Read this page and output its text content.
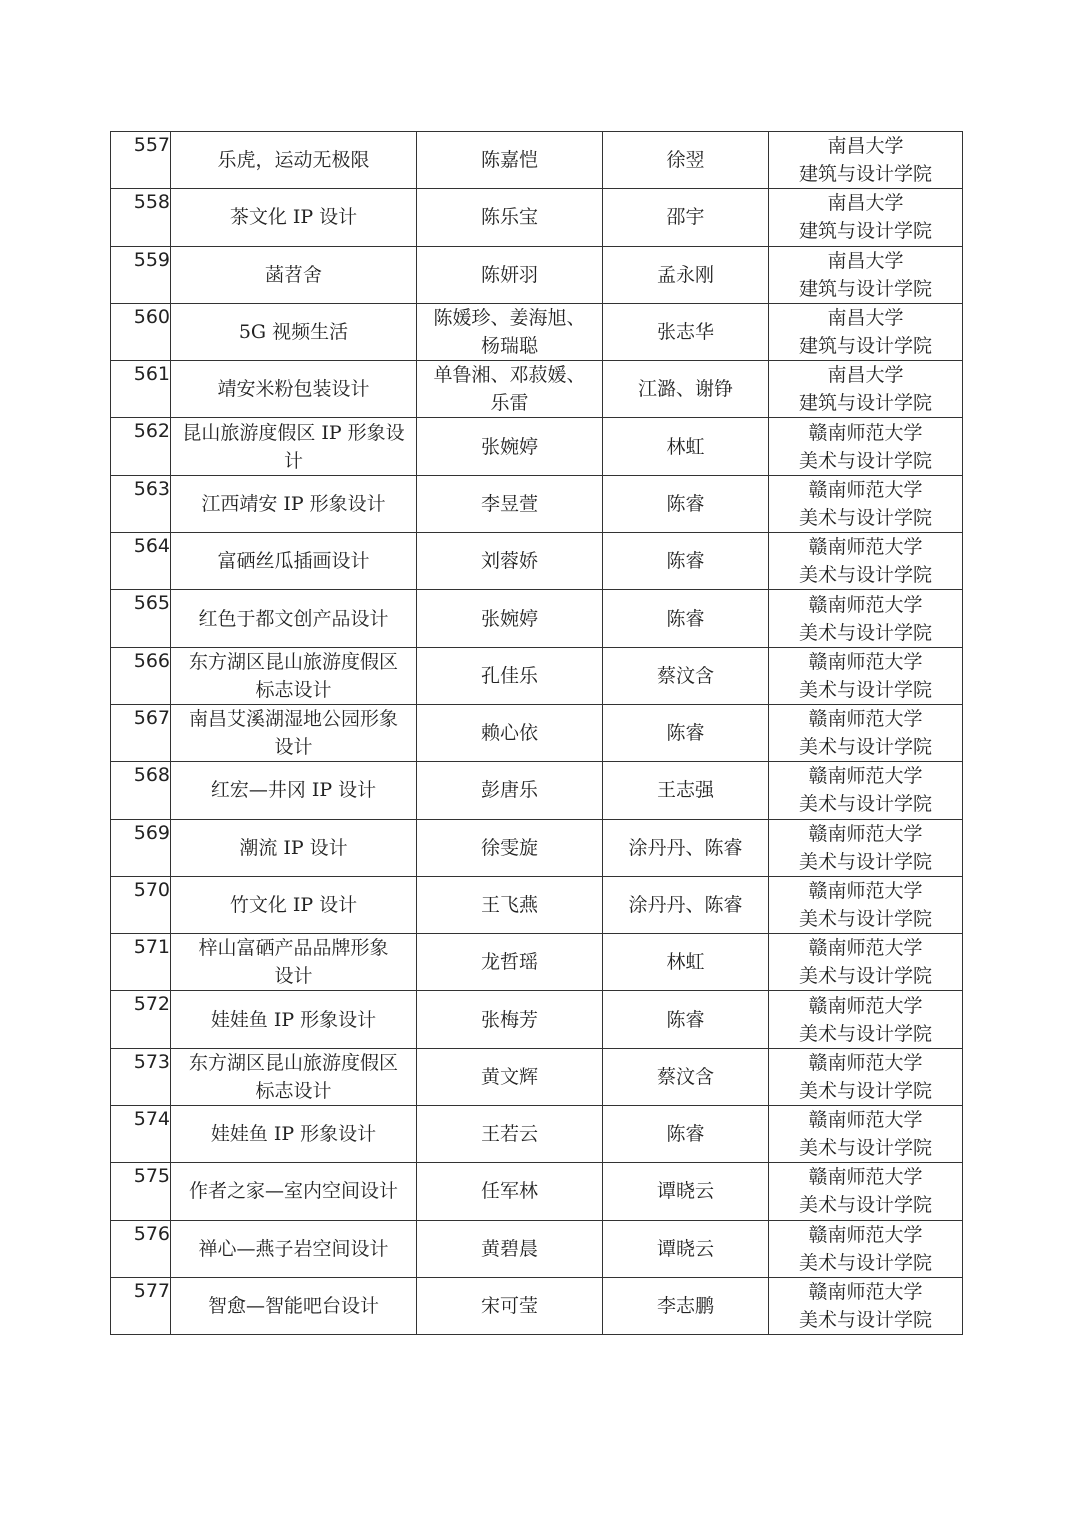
557	乐虎，运动无极限	陈嘉恺	徐翌	南昌大学
建筑与设计学院

558	茶文化 IP 设计	陈乐宝	邵宇	南昌大学
建筑与设计学院

559	菡苕舍	陈妍羽	孟永刚	南昌大学
建筑与设计学院

560	5G 视频生活	陈媛珍、姜海旭、
杨瑞聪	张志华	南昌大学
建筑与设计学院

561	靖安米粉包装设计	单鲁湘、邓菽媛、
乐雷	江潞、谢铮	南昌大学
建筑与设计学院

562	昆山旅游度假区 IP 形象设
计	张婉婷	林虹	赣南师范大学
美术与设计学院

563	江西靖安 IP 形象设计	李昱萱	陈睿	赣南师范大学
美术与设计学院

564	富硒丝瓜插画设计	刘蓉娇	陈睿	赣南师范大学
美术与设计学院

565	红色于都文创产品设计	张婉婷	陈睿	赣南师范大学
美术与设计学院

566	东方湖区昆山旅游度假区
标志设计	孔佳乐	蔡汶含	赣南师范大学
美术与设计学院

567	南昌艾溪湖湿地公园形象
设计	赖心依	陈睿	赣南师范大学
美术与设计学院

568	红宏—井冈 IP 设计	彭唐乐	王志强	赣南师范大学
美术与设计学院

569	潮流 IP 设计	徐雯旋	涂丹丹、陈睿	赣南师范大学
美术与设计学院

570	竹文化 IP 设计	王飞燕	涂丹丹、陈睿	赣南师范大学
美术与设计学院

571	梓山富硒产品品牌形象
设计	龙哲瑶	林虹	赣南师范大学
美术与设计学院

572	娃娃鱼 IP 形象设计	张梅芳	陈睿	赣南师范大学
美术与设计学院

573	东方湖区昆山旅游度假区
标志设计	黄文辉	蔡汶含	赣南师范大学
美术与设计学院

574	娃娃鱼 IP 形象设计	王若云	陈睿	赣南师范大学
美术与设计学院

575	作者之家—室内空间设计	任军林	谭晓云	赣南师范大学
美术与设计学院

576	禅心—燕子岩空间设计	黄碧晨	谭晓云	赣南师范大学
美术与设计学院

577	智愈—智能吧台设计	宋可莹	李志鹏	赣南师范大学
美术与设计学院
